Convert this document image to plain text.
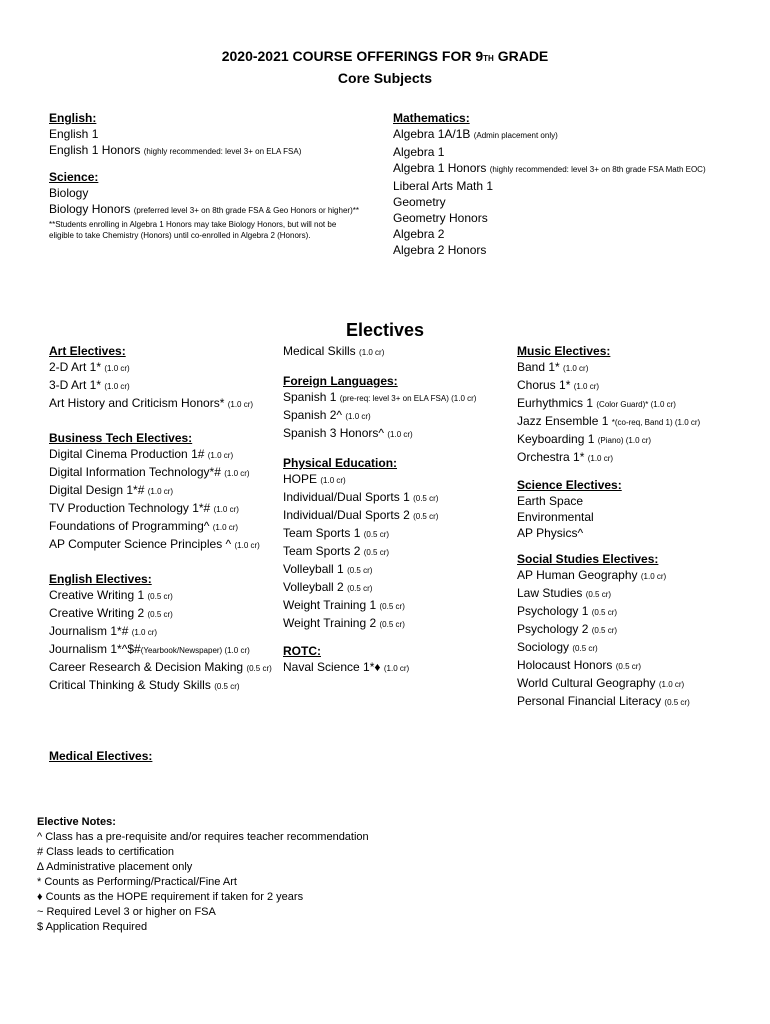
2020-2021 COURSE OFFERINGS FOR 9TH GRADE
Core Subjects
English:
English 1
English 1 Honors (highly recommended: level 3+ on ELA FSA)
Science:
Biology
Biology Honors (preferred level 3+ on 8th grade FSA & Geo Honors or higher)**
**Students enrolling in Algebra 1 Honors may take Biology Honors, but will not be
eligible to take Chemistry (Honors) until co-enrolled in Algebra 2 (Honors).
Mathematics:
Algebra 1A/1B (Admin placement only)
Algebra 1
Algebra 1 Honors (highly recommended: level 3+ on 8th grade FSA Math EOC)
Liberal Arts Math 1
Geometry
Geometry Honors
Algebra 2
Algebra 2 Honors
Electives
Art Electives:
2-D Art 1* (1.0 cr)
3-D Art 1* (1.0 cr)
Art History and Criticism Honors* (1.0 cr)
Business Tech Electives:
Digital Cinema Production 1# (1.0 cr)
Digital Information Technology*# (1.0 cr)
Digital Design 1*# (1.0 cr)
TV Production Technology 1*# (1.0 cr)
Foundations of Programming^ (1.0 cr)
AP Computer Science Principles ^ (1.0 cr)
English Electives:
Creative Writing 1 (0.5 cr)
Creative Writing 2 (0.5 cr)
Journalism 1*# (1.0 cr)
Journalism 1*^$#(Yearbook/Newspaper) (1.0 cr)
Career Research & Decision Making (0.5 cr)
Critical Thinking & Study Skills (0.5 cr)
Medical Electives:
Medical Skills (1.0 cr)
Foreign Languages:
Spanish 1 (pre-req: level 3+ on ELA FSA) (1.0 cr)
Spanish 2^ (1.0 cr)
Spanish 3 Honors^ (1.0 cr)
Physical Education:
HOPE (1.0 cr)
Individual/Dual Sports 1 (0.5 cr)
Individual/Dual Sports 2 (0.5 cr)
Team Sports 1 (0.5 cr)
Team Sports 2 (0.5 cr)
Volleyball 1 (0.5 cr)
Volleyball 2 (0.5 cr)
Weight Training 1 (0.5 cr)
Weight Training 2 (0.5 cr)
ROTC:
Naval Science 1*♦ (1.0 cr)
Music Electives:
Band 1* (1.0 cr)
Chorus 1* (1.0 cr)
Eurhythmics 1 (Color Guard)* (1.0 cr)
Jazz Ensemble 1 *(co-req, Band 1) (1.0 cr)
Keyboarding 1 (Piano) (1.0 cr)
Orchestra 1* (1.0 cr)
Science Electives:
Earth Space
Environmental
AP Physics^
Social Studies Electives:
AP Human Geography (1.0 cr)
Law Studies (0.5 cr)
Psychology 1 (0.5 cr)
Psychology 2 (0.5 cr)
Sociology (0.5 cr)
Holocaust Honors (0.5 cr)
World Cultural Geography (1.0 cr)
Personal Financial Literacy (0.5 cr)
Elective Notes:
^ Class has a pre-requisite and/or requires teacher recommendation
# Class leads to certification
∆ Administrative placement only
* Counts as Performing/Practical/Fine Art
♦ Counts as the HOPE requirement if taken for 2 years
~ Required Level 3 or higher on FSA
$ Application Required
